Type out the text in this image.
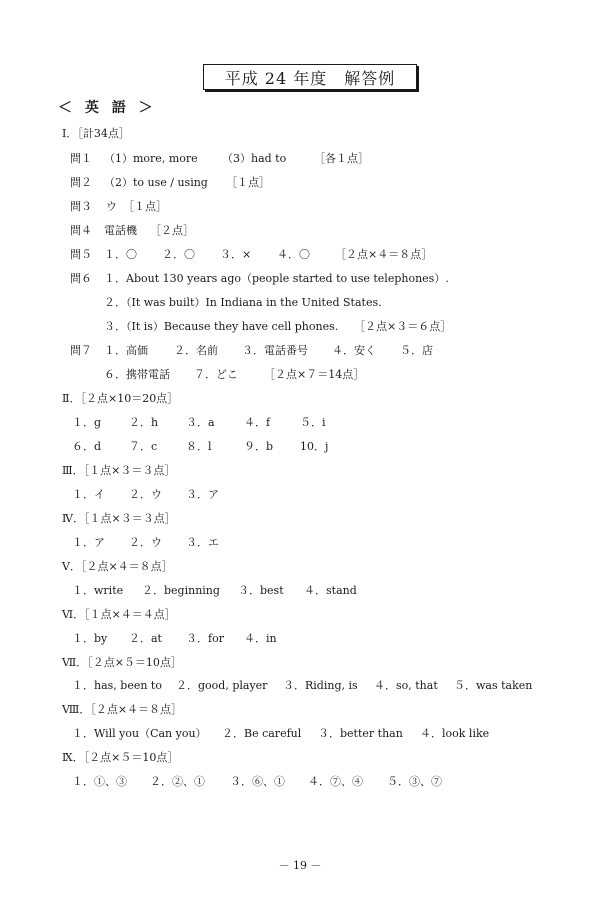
平成 24 年度　解答例
＜ 英 語 ＞
Ⅰ．［計34点］
問１ （1）more, more （3）had to	［各１点］
問２ （2）to use / using ［１点］
問３ ウ ［１点］
問４ 電話機 ［２点］
問５ １．〇 ２．〇 ３．× ４．〇 ［２点×４＝８点］
問６ １．About 130 years ago（people started to use telephones）.
２．（It was built）In Indiana in the United States.
３．（It is）Because they have cell phones. ［２点×３＝６点］
問７ １．高価 ２．名前 ３．電話番号 ４．安く ５．店
６．携帯電話 ７．どこ ［２点×７＝14点］
Ⅱ．［２点×10＝20点］
１．g	２．h	３．a	４．f	５．i
６．d	７．c	８．l	９．b 10．j
Ⅲ．［１点×３＝３点］
１．イ ２．ウ ３．ア
Ⅳ．［１点×３＝３点］
１．ア ２．ウ ３．エ
Ⅴ．［２点×４＝８点］
１．write ２．beginning ３．best ４．stand
Ⅵ．［１点×４＝４点］
１．by ２．at ３．for ４．in
Ⅶ．［２点×５＝10点］
１．has, been to ２．good, player ３．Riding, is ４．so, that ５．was taken
Ⅷ．［２点×４＝８点］
１．Will you（Can you） ２．Be careful ３．better than ４．look like
Ⅸ．［２点×５＝10点］
１．①、③ ２．②、① ３．⑥、① ４．⑦、④ ５．③、⑦
－ 19 －
